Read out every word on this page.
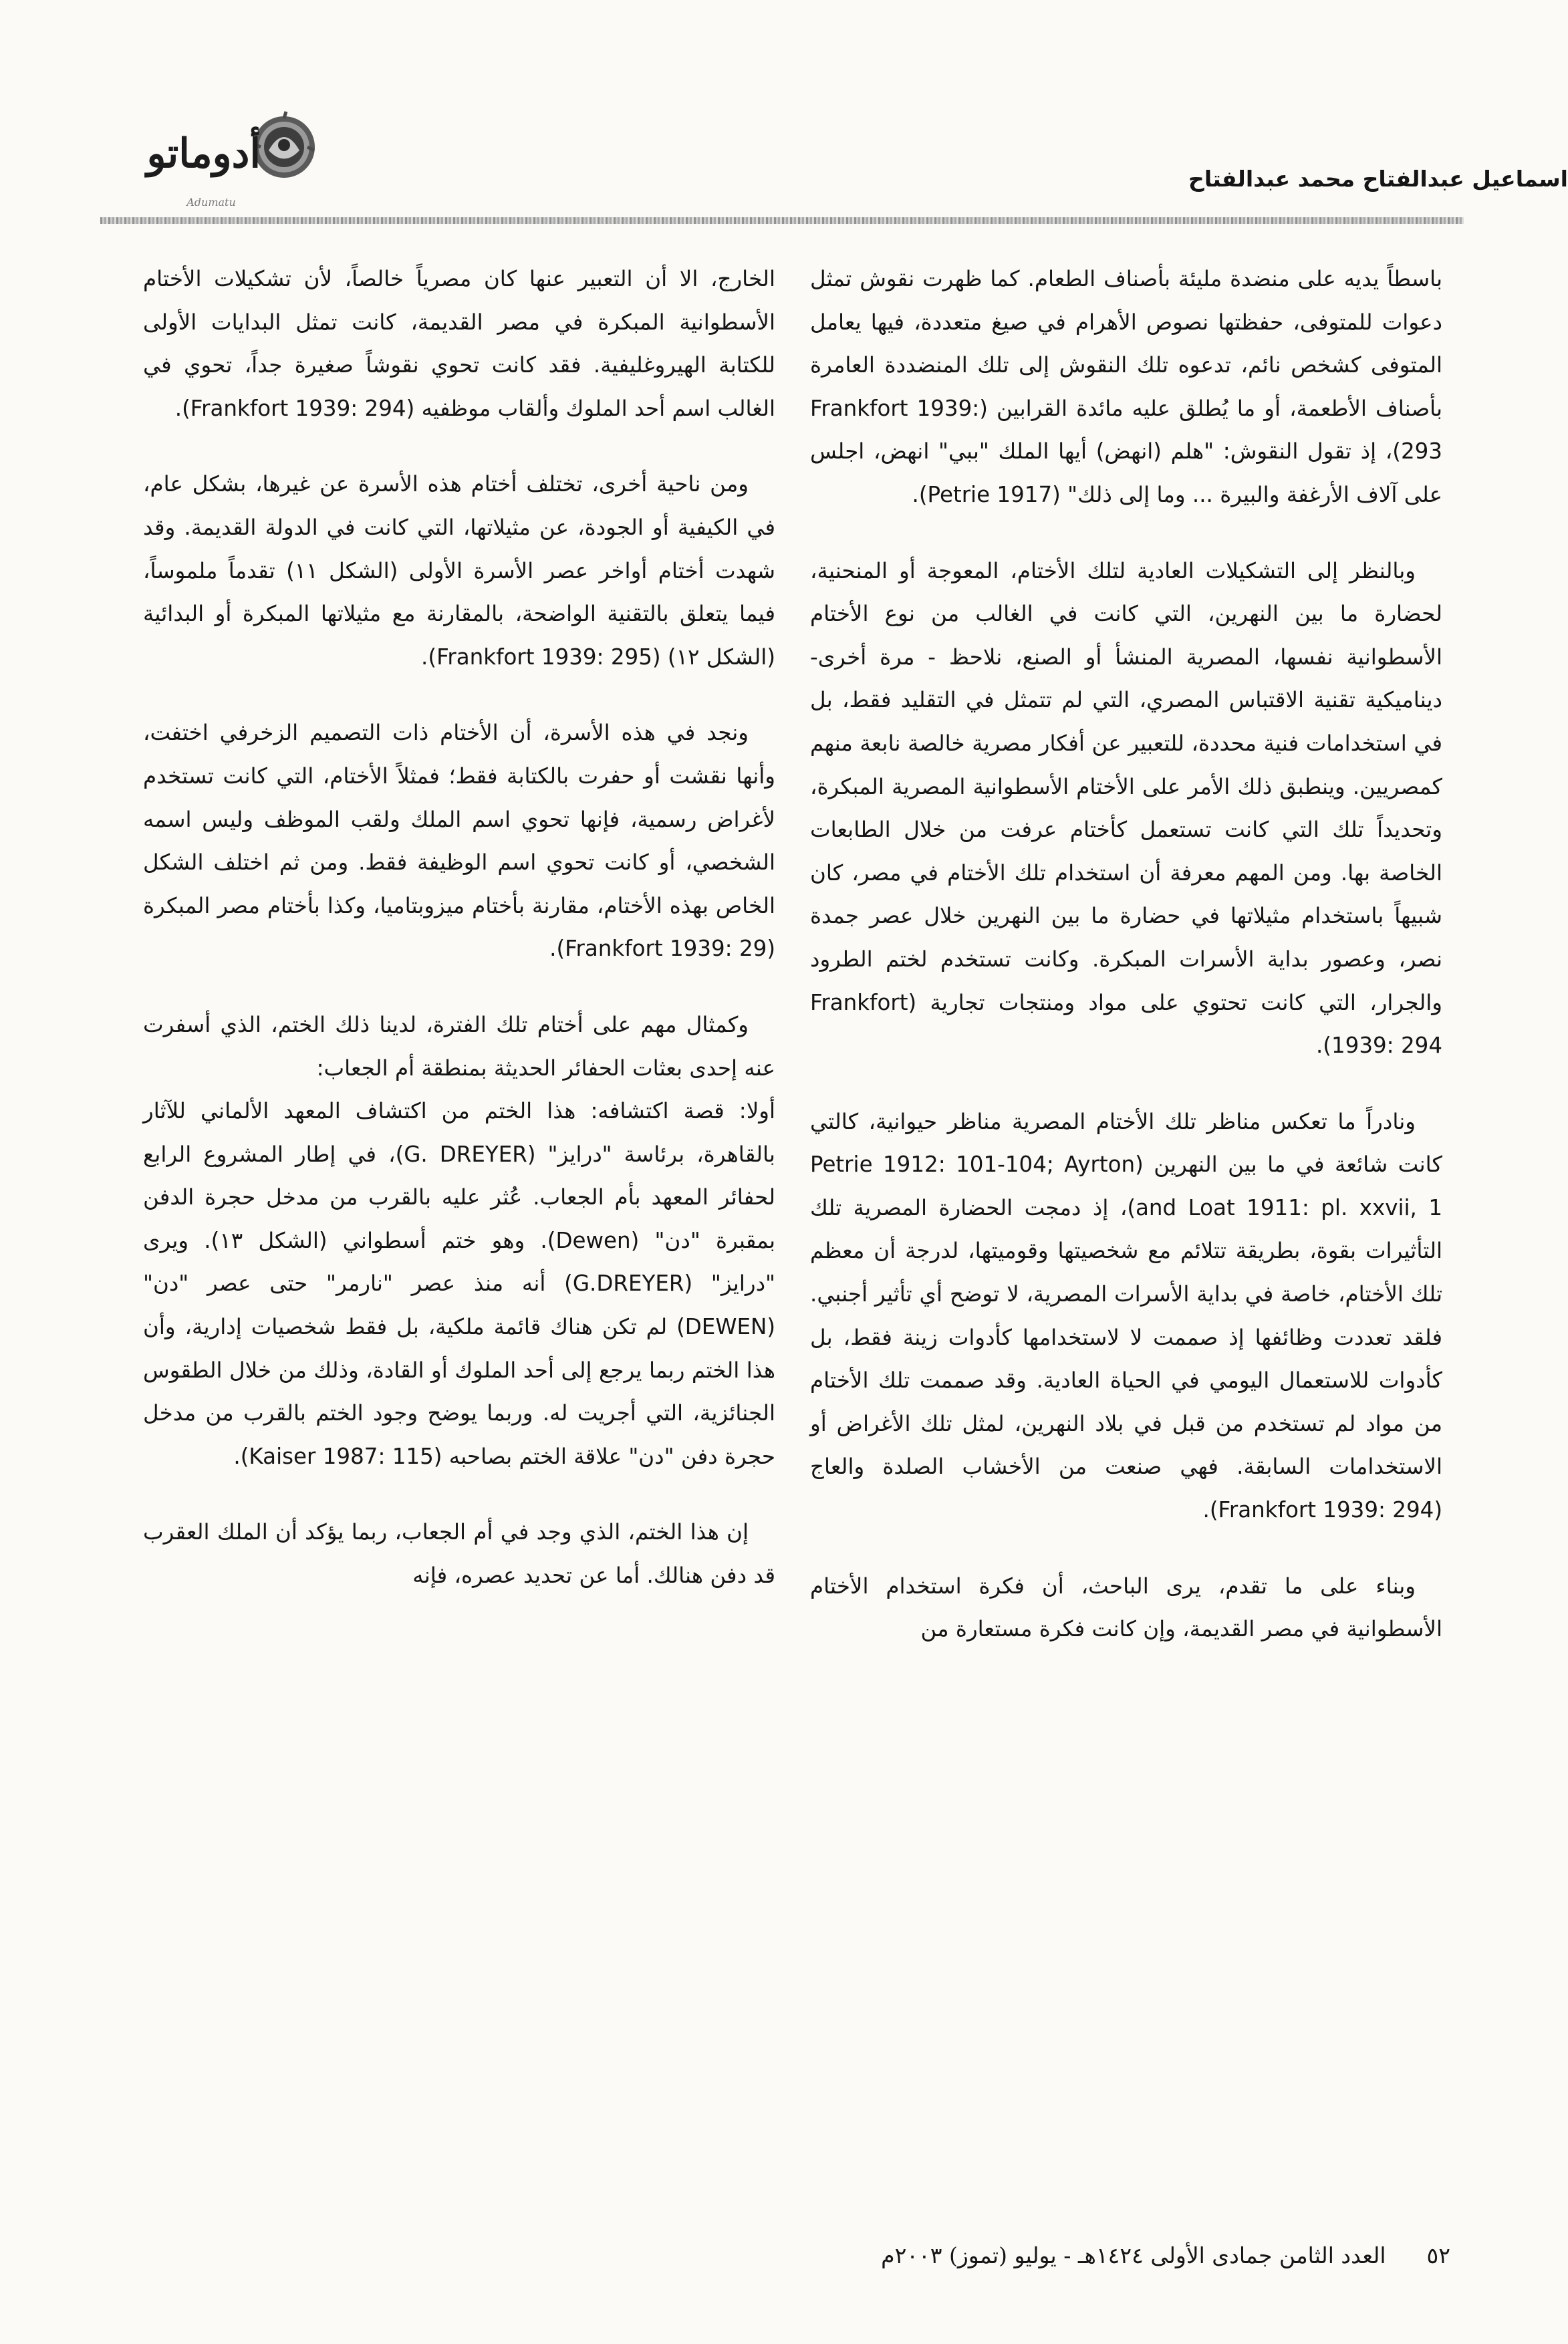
اسماعيل عبدالفتاح محمد عبدالفتاح
أدوماتو
Adumatu

باسطاً يديه على منضدة مليئة بأصناف الطعام. كما ظهرت نقوش تمثل دعوات للمتوفى، حفظتها نصوص الأهرام في صيغ متعددة، فيها يعامل المتوفى كشخص نائم، تدعوه تلك النقوش إلى تلك المنضددة العامرة بأصناف الأطعمة، أو ما يُطلق عليه مائدة القرابين (Frankfort 1939: 293)، إذ تقول النقوش: "هلم (انهض) أيها الملك "ببي" انهض، اجلس على آلاف الأرغفة والبيرة ... وما إلى ذلك" (Petrie 1917).

وبالنظر إلى التشكيلات العادية لتلك الأختام، المعوجة أو المنحنية، لحضارة ما بين النهرين، التي كانت في الغالب من نوع الأختام الأسطوانية نفسها، المصرية المنشأ أو الصنع، نلاحظ - مرة أخرى- ديناميكية تقنية الاقتباس المصري، التي لم تتمثل في التقليد فقط، بل في استخدامات فنية محددة، للتعبير عن أفكار مصرية خالصة نابعة منهم كمصريين. وينطبق ذلك الأمر على الأختام الأسطوانية المصرية المبكرة، وتحديداً تلك التي كانت تستعمل كأختام عرفت من خلال الطابعات الخاصة بها. ومن المهم معرفة أن استخدام تلك الأختام في مصر، كان شبيهاً باستخدام مثيلاتها في حضارة ما بين النهرين خلال عصر جمدة نصر، وعصور بداية الأسرات المبكرة. وكانت تستخدم لختم الطرود والجرار، التي كانت تحتوي على مواد ومنتجات تجارية (Frankfort 1939: 294).

ونادراً ما تعكس مناظر تلك الأختام المصرية مناظر حيوانية، كالتي كانت شائعة في ما بين النهرين (Petrie 1912: 101-104; Ayrton and Loat 1911: pl. xxvii, 1)، إذ دمجت الحضارة المصرية تلك التأثيرات بقوة، بطريقة تتلائم مع شخصيتها وقوميتها، لدرجة أن معظم تلك الأختام، خاصة في بداية الأسرات المصرية، لا توضح أي تأثير أجنبي. فلقد تعددت وظائفها إذ صممت لا لاستخدامها كأدوات زينة فقط، بل كأدوات للاستعمال اليومي في الحياة العادية. وقد صممت تلك الأختام من مواد لم تستخدم من قبل في بلاد النهرين، لمثل تلك الأغراض أو الاستخدامات السابقة. فهي صنعت من الأخشاب الصلدة والعاج (Frankfort 1939: 294).

وبناء على ما تقدم، يرى الباحث، أن فكرة استخدام الأختام الأسطوانية في مصر القديمة، وإن كانت فكرة مستعارة من

الخارج، الا أن التعبير عنها كان مصرياً خالصاً، لأن تشكيلات الأختام الأسطوانية المبكرة في مصر القديمة، كانت تمثل البدايات الأولى للكتابة الهيروغليفية. فقد كانت تحوي نقوشاً صغيرة جداً، تحوي في الغالب اسم أحد الملوك وألقاب موظفيه (Frankfort 1939: 294).

ومن ناحية أخرى، تختلف أختام هذه الأسرة عن غيرها، بشكل عام، في الكيفية أو الجودة، عن مثيلاتها، التي كانت في الدولة القديمة. وقد شهدت أختام أواخر عصر الأسرة الأولى (الشكل ١١) تقدماً ملموساً، فيما يتعلق بالتقنية الواضحة، بالمقارنة مع مثيلاتها المبكرة أو البدائية (الشكل ١٢) (Frankfort 1939: 295).

ونجد في هذه الأسرة، أن الأختام ذات التصميم الزخرفي اختفت، وأنها نقشت أو حفرت بالكتابة فقط؛ فمثلاً الأختام، التي كانت تستخدم لأغراض رسمية، فإنها تحوي اسم الملك ولقب الموظف وليس اسمه الشخصي، أو كانت تحوي اسم الوظيفة فقط. ومن ثم اختلف الشكل الخاص بهذه الأختام، مقارنة بأختام ميزوبتاميا، وكذا بأختام مصر المبكرة (Frankfort 1939: 29).

وكمثال مهم على أختام تلك الفترة، لدينا ذلك الختم، الذي أسفرت عنه إحدى بعثات الحفائر الحديثة بمنطقة أم الجعاب:

أولا: قصة اكتشافه: هذا الختم من اكتشاف المعهد الألماني للآثار بالقاهرة، برئاسة "درايز" (G. DREYER)، في إطار المشروع الرابع لحفائر المعهد بأم الجعاب. عُثر عليه بالقرب من مدخل حجرة الدفن بمقبرة "دن" (Dewen). وهو ختم أسطواني (الشكل ١٣). ويرى "درايز" (G.DREYER) أنه منذ عصر "نارمر" حتى عصر "دن" (DEWEN) لم تكن هناك قائمة ملكية، بل فقط شخصيات إدارية، وأن هذا الختم ربما يرجع إلى أحد الملوك أو القادة، وذلك من خلال الطقوس الجنائزية، التي أجريت له. وربما يوضح وجود الختم بالقرب من مدخل حجرة دفن "دن" علاقة الختم بصاحبه (Kaiser 1987: 115).

إن هذا الختم، الذي وجد في أم الجعاب، ربما يؤكد أن الملك العقرب قد دفن هنالك. أما عن تحديد عصره، فإنه

٥٢  العدد الثامن جمادى الأولى ١٤٢٤هـ - يوليو (تموز) ٢٠٠٣م
